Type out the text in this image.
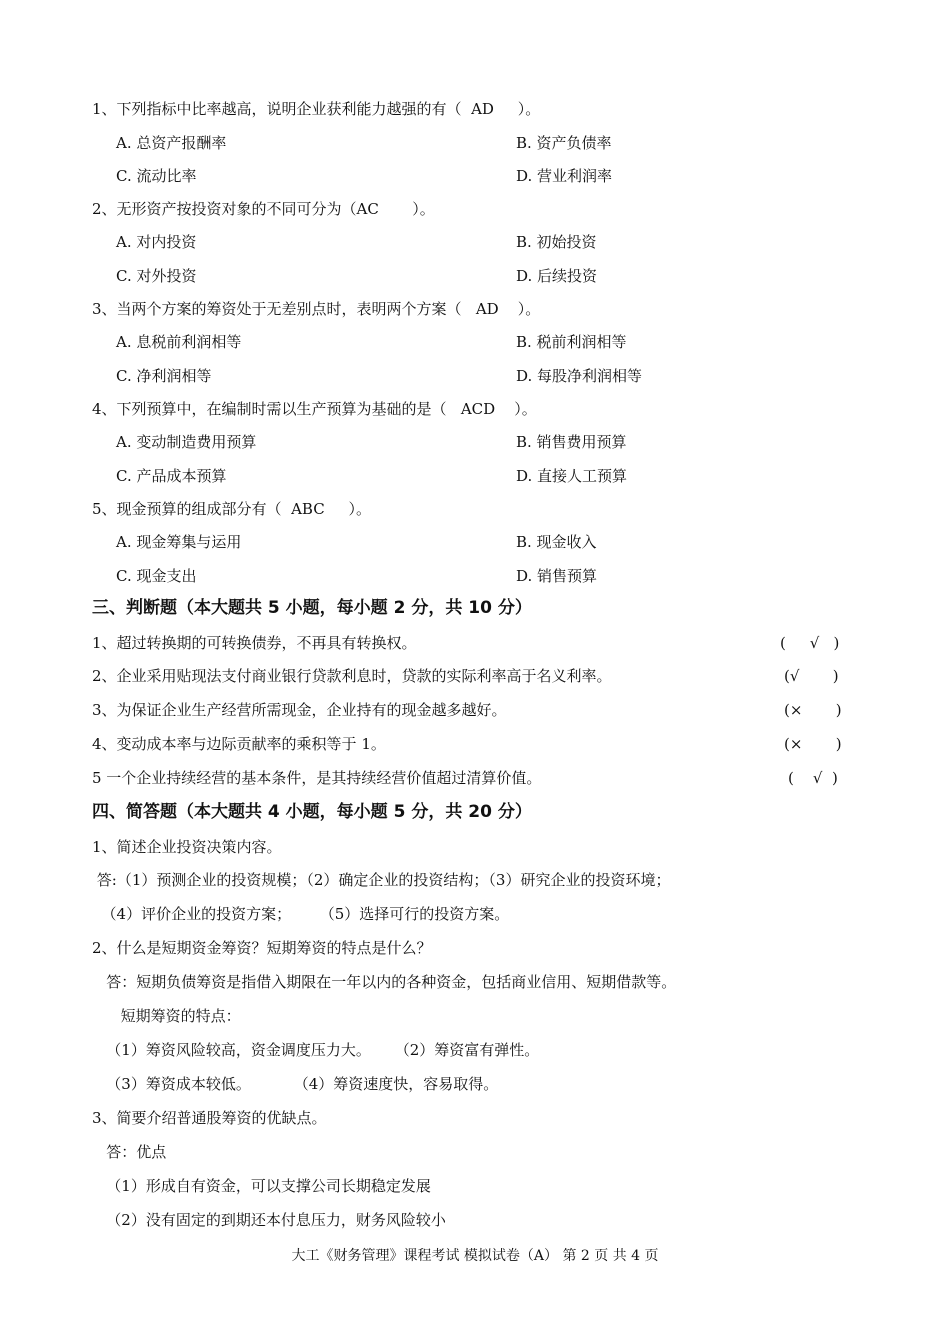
1、下列指标中比率越高，说明企业获利能力越强的有（  AD     ）。
A. 总资产报酬率	B. 资产负债率
C. 流动比率	D. 营业利润率
2、无形资产按投资对象的不同可分为（AC       ）。
A. 对内投资	B. 初始投资
C. 对外投资	D. 后续投资
3、当两个方案的筹资处于无差别点时，表明两个方案（   AD    ）。
A. 息税前利润相等	B. 税前利润相等
C. 净利润相等	D. 每股净利润相等
4、下列预算中，在编制时需以生产预算为基础的是（   ACD    ）。
A. 变动制造费用预算	B. 销售费用预算
C. 产品成本预算	D. 直接人工预算
5、现金预算的组成部分有（  ABC     ）。
A. 现金筹集与运用	B. 现金收入
C. 现金支出	D. 销售预算
三、判断题（本大题共 5 小题，每小题 2 分，共 10 分）
1、超过转换期的可转换债券，不再具有转换权。	(     √   )
2、企业采用贴现法支付商业银行贷款利息时，贷款的实际利率高于名义利率。	(√       )
3、为保证企业生产经营所需现金，企业持有的现金越多越好。	(×       )
4、变动成本率与边际贡献率的乘积等于 1。	(×       )
5 一个企业持续经营的基本条件，是其持续经营价值超过清算价值。	(    √  )
四、简答题（本大题共 4 小题，每小题 5 分，共 20 分）
1、简述企业投资决策内容。
答:（1）预测企业的投资规模；（2）确定企业的投资结构；（3）研究企业的投资环境；
（4）评价企业的投资方案；      （5）选择可行的投资方案。
2、什么是短期资金筹资？短期筹资的特点是什么？
答：短期负债筹资是指借入期限在一年以内的各种资金，包括商业信用、短期借款等。
短期筹资的特点：
（1）筹资风险较高，资金调度压力大。     （2）筹资富有弹性。
（3）筹资成本较低。         （4）筹资速度快，容易取得。
3、简要介绍普通股筹资的优缺点。
答：优点
（1）形成自有资金，可以支撑公司长期稳定发展
（2）没有固定的到期还本付息压力，财务风险较小
大工《财务管理》课程考试 模拟试卷（A） 第 2 页 共 4 页
